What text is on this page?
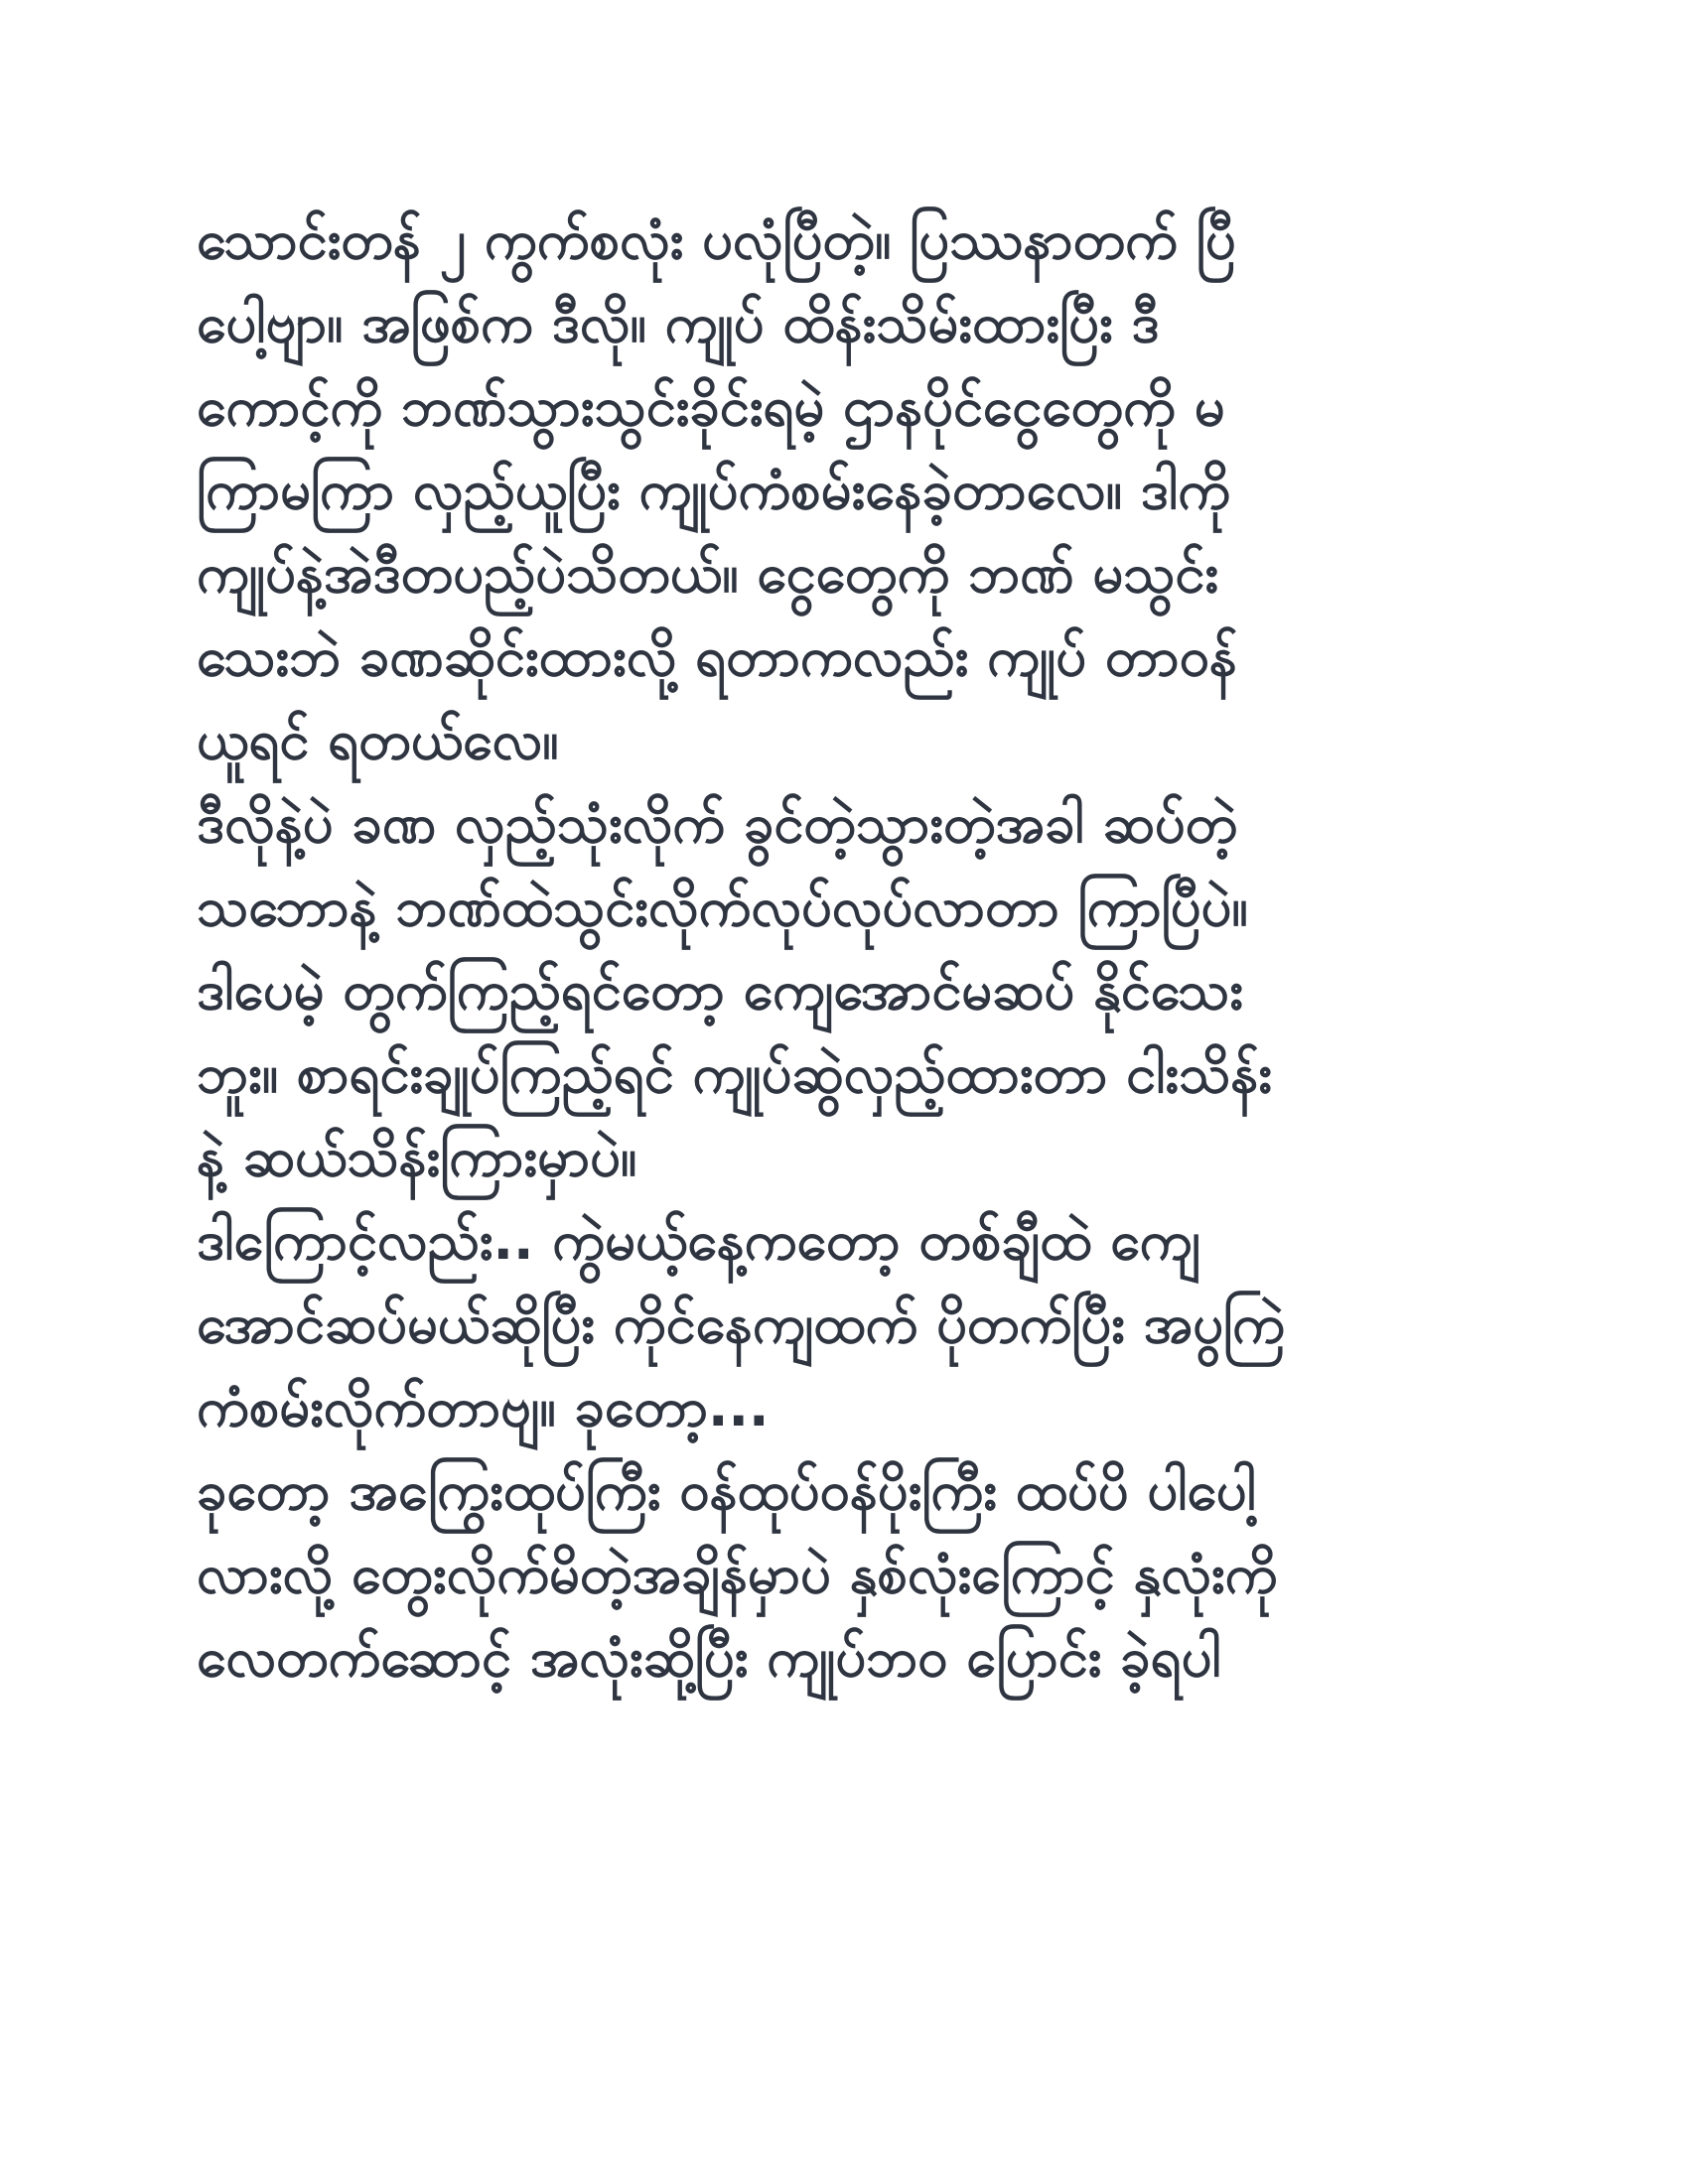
သောင်းတန် ၂ ကွက်စလုံး ပလုံပြီတဲ့။ ပြဿနာတက် ပြီ
ပေါ့ဗျာ။ အဖြစ်က ဒီလို။ ကျုပ် ထိန်းသိမ်းထားပြီး ဒီ
ကောင့်ကို ဘဏ်သွားသွင်းခိုင်းရမဲ့ ဌာနပိုင်ငွေတွေကို မ
ကြာမကြာ လှည့်ယူပြီး ကျုပ်ကံစမ်းနေခဲ့တာလေ။ ဒါကို
ကျုပ်နဲ့အဲဒီတပည့်ပဲသိတယ်။ ငွေတွေကို ဘဏ် မသွင်း
သေးဘဲ ခဏဆိုင်းထားလို့ ရတာကလည်း ကျုပ် တာဝန်
ယူရင် ရတယ်လေ။
ဒီလိုနဲ့ပဲ ခဏ လှည့်သုံးလိုက် ခွင်တဲ့သွားတဲ့အခါ ဆပ်တဲ့
သဘောနဲ့ ဘဏ်ထဲသွင်းလိုက်လုပ်လုပ်လာတာ ကြာပြီပဲ။
ဒါပေမဲ့ တွက်ကြည့်ရင်တော့ ကျေအောင်မဆပ် နိုင်သေး
ဘူး။ စာရင်းချုပ်ကြည့်ရင် ကျုပ်ဆွဲလှည့်ထားတာ ငါးသိန်း
နဲ့ ဆယ်သိန်းကြားမှာပဲ။
ဒါကြောင့်လည်း.. ကွဲမယ့်နေ့ကတော့ တစ်ချီထဲ ကျေ
အောင်ဆပ်မယ်ဆိုပြီး ကိုင်နေကျထက် ပိုတက်ပြီး အပွကြဲ
ကံစမ်းလိုက်တာဗျ။ ခုတော့...
ခုတော့ အကြွေးထုပ်ကြီး ဝန်ထုပ်ဝန်ပိုးကြီး ထပ်ပိ ပါပေါ့
လားလို့ တွေးလိုက်မိတဲ့အချိန်မှာပဲ နှစ်လုံးကြောင့် နှလုံးကို
လေတက်ဆောင့် အလုံးဆို့ပြီး ကျုပ်ဘဝ ပြောင်း ခဲ့ရပါ
